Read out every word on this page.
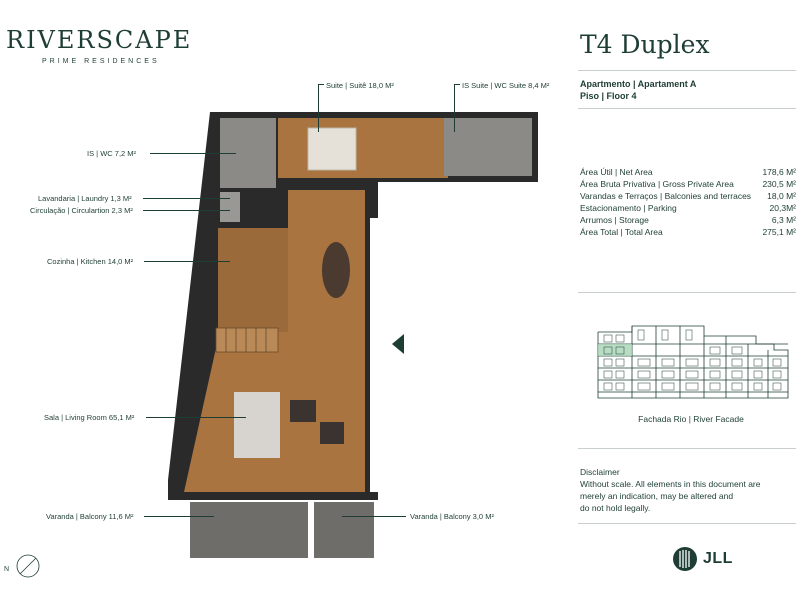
RIVERSCAPE
PRIME RESIDENCES
T4 Duplex
Apartmento | Apartament A
Piso | Floor 4
Área Útil | Net Area	178,6 M²
Área Bruta Privativa | Gross Private Area	230,5 M²
Varandas e Terraços | Balconies and terraces 18,0 M²
Estacionamento | Parking	20,3M²
Arrumos | Storage	6,3 M²
Área Total | Total Area	275,1 M²
Fachada Rio | River Facade
Disclaimer
Without scale. All elements in this document are
merely an indication, may be altered and
do not hold legally.
JLL
Suite | Suitê 18,0 M²	IS Suite | WC Suite 8,4 M²
IS | WC 7,2 M²
Lavandaria | Laundry 1,3 M²
Circulação | Circulartion 2,3 M²
Cozinha | Kitchen 14,0 M²
Sala | Living Room 65,1 M²
Varanda | Balcony 11,6 M²	Varanda | Balcony 3,0 M²
N
